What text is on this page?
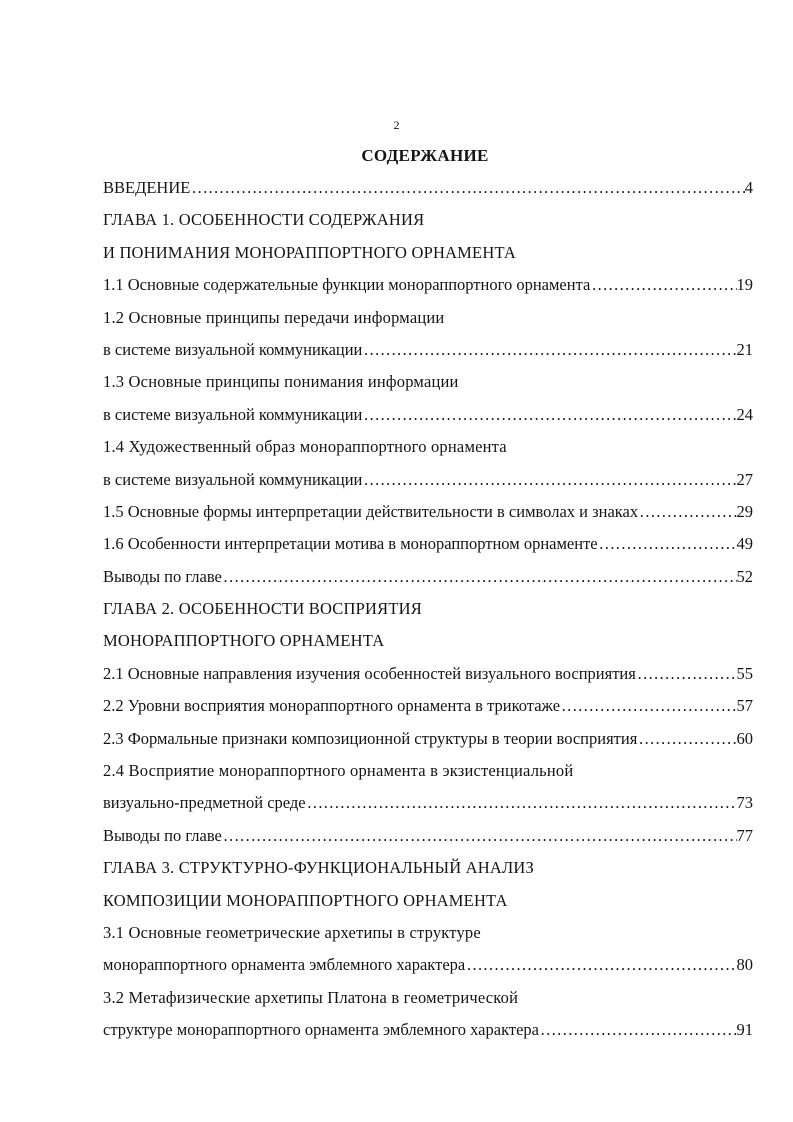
2
СОДЕРЖАНИЕ
ВВЕДЕНИЕ ……………………………………………………………………………………………………………………………………………………………………………………	4
ГЛАВА 1. ОСОБЕННОСТИ СОДЕРЖАНИЯ
И ПОНИМАНИЯ МОНОРАППОРТНОГО ОРНАМЕНТА
1.1 Основные содержательные функции монораппортного орнамента ……………………………………………………………………………………………………………………………………………………………………………………	19
1.2 Основные принципы передачи информации
в системе визуальной коммуникации ……………………………………………………………………………………………………………………………………………………………………………………	21
1.3 Основные принципы понимания информации
в системе визуальной коммуникации ……………………………………………………………………………………………………………………………………………………………………………………	24
1.4 Художественный образ монораппортного орнамента
в системе визуальной коммуникации ……………………………………………………………………………………………………………………………………………………………………………………	27
1.5 Основные формы интерпретации действительности в символах и знаках ……………………………………………………………………………………………………………………………………………………………………………………	29
1.6 Особенности интерпретации мотива в монораппортном орнаменте ……………………………………………………………………………………………………………………………………………………………………………………	49
Выводы по главе ……………………………………………………………………………………………………………………………………………………………………………………	52
ГЛАВА 2. ОСОБЕННОСТИ ВОСПРИЯТИЯ
МОНОРАППОРТНОГО ОРНАМЕНТА
2.1 Основные направления изучения особенностей визуального восприятия ……………………………………………………………………………………………………………………………………………………………………………………	55
2.2 Уровни восприятия монораппортного орнамента в трикотаже ……………………………………………………………………………………………………………………………………………………………………………………	57
2.3 Формальные признаки композиционной структуры в теории восприятия ……………………………………………………………………………………………………………………………………………………………………………………	60
2.4 Восприятие монораппортного орнамента в экзистенциальной
визуально-предметной среде ……………………………………………………………………………………………………………………………………………………………………………………	73
Выводы по главе ……………………………………………………………………………………………………………………………………………………………………………………	77
ГЛАВА 3. СТРУКТУРНО-ФУНКЦИОНАЛЬНЫЙ АНАЛИЗ
КОМПОЗИЦИИ МОНОРАППОРТНОГО ОРНАМЕНТА
3.1 Основные геометрические архетипы в структуре
монораппортного орнамента эмблемного характера ……………………………………………………………………………………………………………………………………………………………………………………	80
3.2 Метафизические архетипы Платона в геометрической
структуре монораппортного орнамента эмблемного характера ……………………………………………………………………………………………………………………………………………………………………………………	91
